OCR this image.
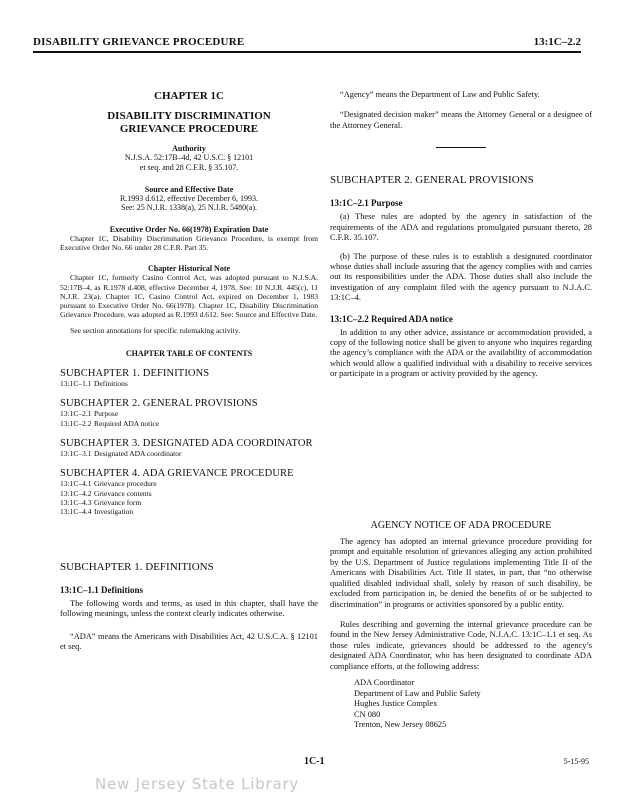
DISABILITY GRIEVANCE PROCEDURE	13:1C–2.2
CHAPTER 1C
DISABILITY DISCRIMINATION
GRIEVANCE PROCEDURE
Authority
N.J.S.A. 52:17B–4d, 42 U.S.C. § 12101
et seq. and 28 C.F.R. § 35.107.
Source and Effective Date
R.1993 d.612, effective December 6, 1993.
See: 25 N.J.R. 1338(a), 25 N.J.R. 5480(a).
Executive Order No. 66(1978) Expiration Date
Chapter 1C, Disability Discrimination Grievance Procedure, is exempt from Executive Order No. 66 under 28 C.F.R. Part 35.
Chapter Historical Note
Chapter 1C, formerly Casino Control Act, was adopted pursuant to N.J.S.A. 52:17B–4, as R.1978 d.408, effective December 4, 1978. See: 10 N.J.R. 445(c), 11 N.J.R. 23(a). Chapter 1C, Casino Control Act, expired on December 1, 1983 pursuant to Executive Order No. 66(1978). Chapter 1C, Disability Discrimination Grievance Procedure, was adopted as R.1993 d.612. See: Source and Effective Date.
See section annotations for specific rulemaking activity.
CHAPTER TABLE OF CONTENTS
SUBCHAPTER 1. DEFINITIONS
13:1C–1.1 Definitions
SUBCHAPTER 2. GENERAL PROVISIONS
13:1C–2.1 Purpose
13:1C–2.2 Required ADA notice
SUBCHAPTER 3. DESIGNATED ADA COORDINATOR
13:1C–3.1 Designated ADA coordinator
SUBCHAPTER 4. ADA GRIEVANCE PROCEDURE
13:1C–4.1 Grievance procedure
13:1C–4.2 Grievance contents
13:1C–4.3 Grievance form
13:1C–4.4 Investigation
SUBCHAPTER 1. DEFINITIONS
13:1C–1.1 Definitions
The following words and terms, as used in this chapter, shall have the following meanings, unless the context clearly indicates otherwise.
“ADA” means the Americans with Disabilities Act, 42 U.S.C.A. § 12101 et seq.
“Agency” means the Department of Law and Public Safety.
“Designated decision maker” means the Attorney General or a designee of the Attorney General.
SUBCHAPTER 2. GENERAL PROVISIONS
13:1C–2.1 Purpose
(a) These rules are adopted by the agency in satisfaction of the requirements of the ADA and regulations promulgated pursuant thereto, 28 C.F.R. 35.107.
(b) The purpose of these rules is to establish a designated coordinator whose duties shall include assuring that the agency complies with and carries out its responsibilities under the ADA. Those duties shall also include the investigation of any complaint filed with the agency pursuant to N.J.A.C. 13:1C–4.
13:1C–2.2 Required ADA notice
In addition to any other advice, assistance or accommodation provided, a copy of the following notice shall be given to anyone who inquires regarding the agency’s compliance with the ADA or the availability of accommodation which would allow a qualified individual with a disability to receive services or participate in a program or activity provided by the agency.
AGENCY NOTICE OF ADA PROCEDURE
The agency has adopted an internal grievance procedure providing for prompt and equitable resolution of grievances alleging any action prohibited by the U.S. Department of Justice regulations implementing Title II of the Americans with Disabilities Act. Title II states, in part, that “no otherwise qualified disabled individual shall, solely by reason of such disability, be excluded from participation in, be denied the benefits of or be subjected to discrimination” in programs or activities sponsored by a public entity.
Rules describing and governing the internal grievance procedure can be found in the New Jersey Administrative Code, N.J.A.C. 13:1C–1.1 et seq. As those rules indicate, grievances should be addressed to the agency’s designated ADA Coordinator, who has been designated to coordinate ADA compliance efforts, at the following address:
ADA Coordinator
Department of Law and Public Safety
Hughes Justice Complex
CN 080
Trenton, New Jersey 08625
1C-1	5-15-95
New Jersey State Library
